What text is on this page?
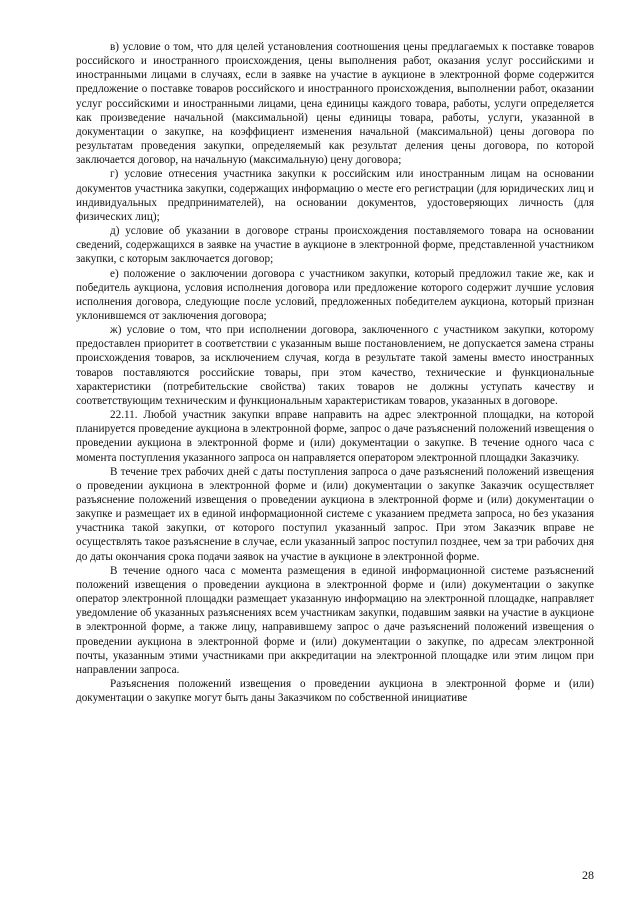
в) условие о том, что для целей установления соотношения цены предлагаемых к поставке товаров российского и иностранного происхождения, цены выполнения работ, оказания услуг российскими и иностранными лицами в случаях, если в заявке на участие в аукционе в электронной форме содержится предложение о поставке товаров российского и иностранного происхождения, выполнении работ, оказании услуг российскими и иностранными лицами, цена единицы каждого товара, работы, услуги определяется как произведение начальной (максимальной) цены единицы товара, работы, услуги, указанной в документации о закупке, на коэффициент изменения начальной (максимальной) цены договора по результатам проведения закупки, определяемый как результат деления цены договора, по которой заключается договор, на начальную (максимальную) цену договора;

г) условие отнесения участника закупки к российским или иностранным лицам на основании документов участника закупки, содержащих информацию о месте его регистрации (для юридических лиц и индивидуальных предпринимателей), на основании документов, удостоверяющих личность (для физических лиц);

д) условие об указании в договоре страны происхождения поставляемого товара на основании сведений, содержащихся в заявке на участие в аукционе в электронной форме, представленной участником закупки, с которым заключается договор;

е) положение о заключении договора с участником закупки, который предложил такие же, как и победитель аукциона, условия исполнения договора или предложение которого содержит лучшие условия исполнения договора, следующие после условий, предложенных победителем аукциона, который признан уклонившемся от заключения договора;

ж) условие о том, что при исполнении договора, заключенного с участником закупки, которому предоставлен приоритет в соответствии с указанным выше постановлением, не допускается замена страны происхождения товаров, за исключением случая, когда в результате такой замены вместо иностранных товаров поставляются российские товары, при этом качество, технические и функциональные характеристики (потребительские свойства) таких товаров не должны уступать качеству и соответствующим техническим и функциональным характеристикам товаров, указанных в договоре.

22.11. Любой участник закупки вправе направить на адрес электронной площадки, на которой планируется проведение аукциона в электронной форме, запрос о даче разъяснений положений извещения о проведении аукциона в электронной форме и (или) документации о закупке. В течение одного часа с момента поступления указанного запроса он направляется оператором электронной площадки Заказчику.

В течение трех рабочих дней с даты поступления запроса о даче разъяснений положений извещения о проведении аукциона в электронной форме и (или) документации о закупке Заказчик осуществляет разъяснение положений извещения о проведении аукциона в электронной форме и (или) документации о закупке и размещает их в единой информационной системе с указанием предмета запроса, но без указания участника такой закупки, от которого поступил указанный запрос. При этом Заказчик вправе не осуществлять такое разъяснение в случае, если указанный запрос поступил позднее, чем за три рабочих дня до даты окончания срока подачи заявок на участие в аукционе в электронной форме.

В течение одного часа с момента размещения в единой информационной системе разъяснений положений извещения о проведении аукциона в электронной форме и (или) документации о закупке оператор электронной площадки размещает указанную информацию на электронной площадке, направляет уведомление об указанных разъяснениях всем участникам закупки, подавшим заявки на участие в аукционе в электронной форме, а также лицу, направившему запрос о даче разъяснений положений извещения о проведении аукциона в электронной форме и (или) документации о закупке, по адресам электронной почты, указанным этими участниками при аккредитации на электронной площадке или этим лицом при направлении запроса.

Разъяснения положений извещения о проведении аукциона в электронной форме и (или) документации о закупке могут быть даны Заказчиком по собственной инициативе

28
